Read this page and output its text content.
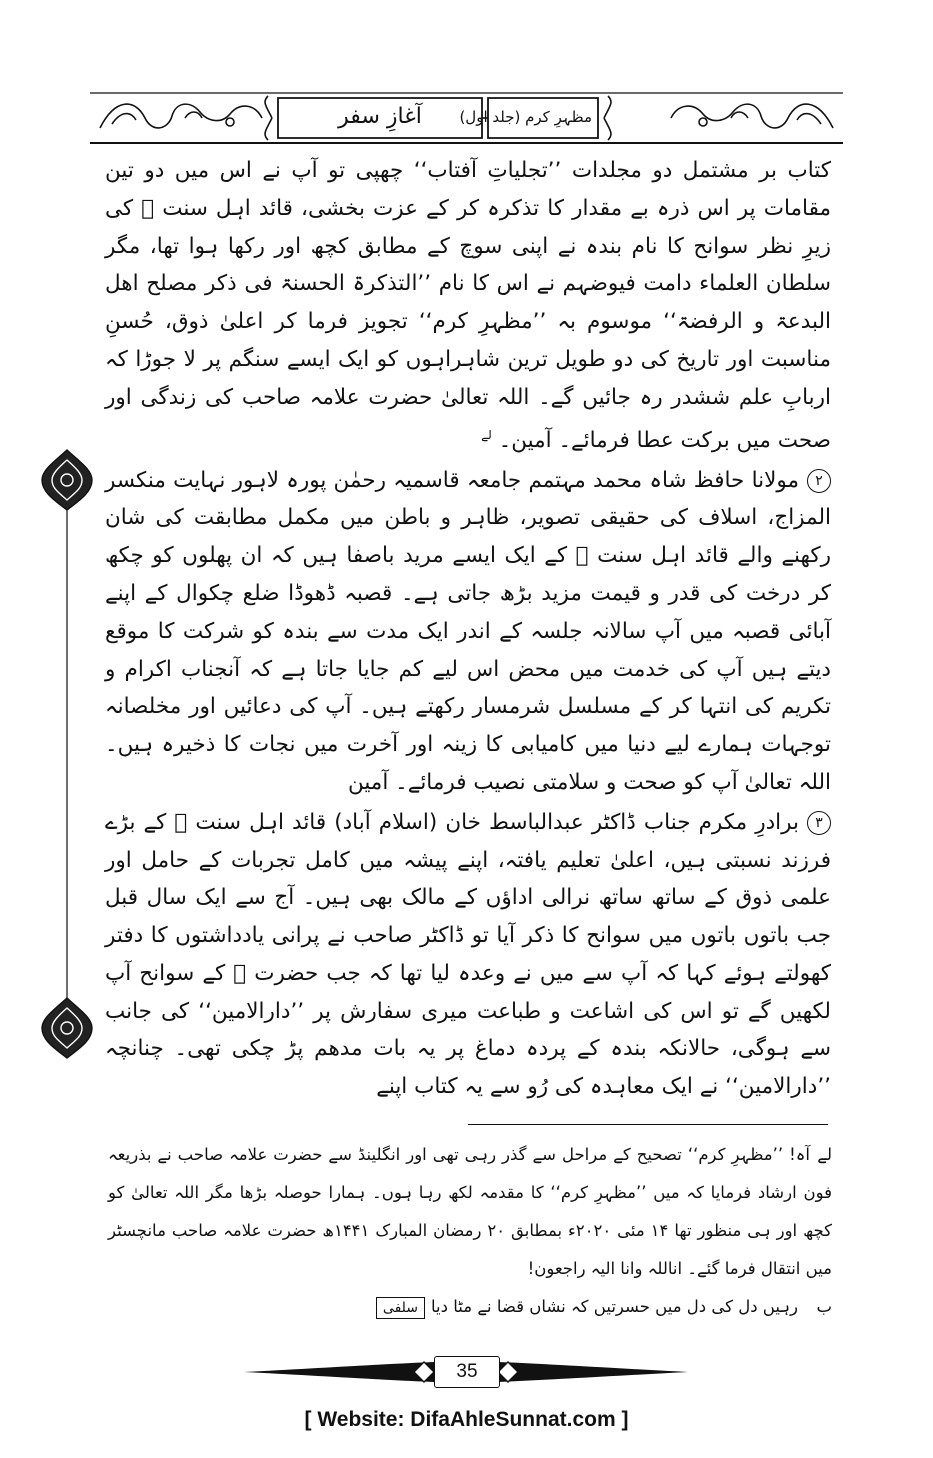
آغازِ سفر	مظہرِ کرم (جلد اول)

کتاب بر مشتمل دو مجلدات ’’تجلیاتِ آفتاب‘‘ چھپی تو آپ نے اس میں دو تین مقامات پر اس ذرہ بے مقدار کا تذکرہ کر کے عزت بخشی، قائد اہل سنت ﷫ کی زیرِ نظر سوانح کا نام بندہ نے اپنی سوچ کے مطابق کچھ اور رکھا ہوا تھا، مگر سلطان العلماء دامت فیوضہم نے اس کا نام ’’التذکرۃ الحسنۃ فی ذکر مصلح اھل البدعۃ و الرفضۃ‘‘ موسوم بہ ’’مظہرِ کرم‘‘ تجویز فرما کر اعلیٰ ذوق، حُسنِ مناسبت اور تاریخ کی دو طویل ترین شاہراہوں کو ایک ایسے سنگم پر لا جوڑا کہ اربابِ علم ششدر رہ جائیں گے۔ اللہ تعالیٰ حضرت علامہ صاحب کی زندگی اور صحت میں برکت عطا فرمائے۔ آمین۔ $^{لے}$

۲مولانا حافظ شاہ محمد مہتمم جامعہ قاسمیہ رحمٰن پورہ لاہور نہایت منکسر المزاج، اسلاف کی حقیقی تصویر، ظاہر و باطن میں مکمل مطابقت کی شان رکھنے والے قائد اہل سنت ﷫ کے ایک ایسے مرید باصفا ہیں کہ ان پھلوں کو چکھ کر درخت کی قدر و قیمت مزید بڑھ جاتی ہے۔ قصبہ ڈھوڈا ضلع چکوال کے اپنے آبائی قصبہ میں آپ سالانہ جلسہ کے اندر ایک مدت سے بندہ کو شرکت کا موقع دیتے ہیں آپ کی خدمت میں محض اس لیے کم جایا جاتا ہے کہ آنجناب اکرام و تکریم کی انتہا کر کے مسلسل شرمسار رکھتے ہیں۔ آپ کی دعائیں اور مخلصانہ توجہات ہمارے لیے دنیا میں کامیابی کا زینہ اور آخرت میں نجات کا ذخیرہ ہیں۔ اللہ تعالیٰ آپ کو صحت و سلامتی نصیب فرمائے۔ آمین

۳برادرِ مکرم جناب ڈاکٹر عبدالباسط خان (اسلام آباد) قائد اہل سنت ﷫ کے بڑے فرزند نسبتی ہیں، اعلیٰ تعلیم یافتہ، اپنے پیشہ میں کامل تجربات کے حامل اور علمی ذوق کے ساتھ ساتھ نرالی اداؤں کے مالک بھی ہیں۔ آج سے ایک سال قبل جب باتوں باتوں میں سوانح کا ذکر آیا تو ڈاکٹر صاحب نے پرانی یادداشتوں کا دفتر کھولتے ہوئے کہا کہ آپ سے میں نے وعدہ لیا تھا کہ جب حضرت ﷫ کے سوانح آپ لکھیں گے تو اس کی اشاعت و طباعت میری سفارش پر ’’دارالامین‘‘ کی جانب سے ہوگی، حالانکہ بندہ کے پردہ دماغ پر یہ بات مدھم پڑ چکی تھی۔ چنانچہ ’’دارالامین‘‘ نے ایک معاہدہ کی رُو سے یہ کتاب اپنے

لےآہ! ’’مظہرِ کرم‘‘ تصحیح کے مراحل سے گذر رہی تھی اور انگلینڈ سے حضرت علامہ صاحب نے بذریعہ فون ارشاد فرمایا کہ میں ’’مظہرِ کرم‘‘ کا مقدمہ لکھ رہا ہوں۔ ہمارا حوصلہ بڑھا مگر اللہ تعالیٰ کو کچھ اور ہی منظور تھا ۱۴ مئی ۲۰۲۰ء بمطابق ۲۰ رمضان المبارک ۱۴۴۱ھ حضرت علامہ صاحب مانچسٹر میں انتقال فرما گئے۔ اناللہ وانا الیہ راجعون!

برہیں دل کی دل میں حسرتیں کہ نشاں قضا نے مٹا دیاسلفی

35
[ Website: DifaAhleSunnat.com ]
